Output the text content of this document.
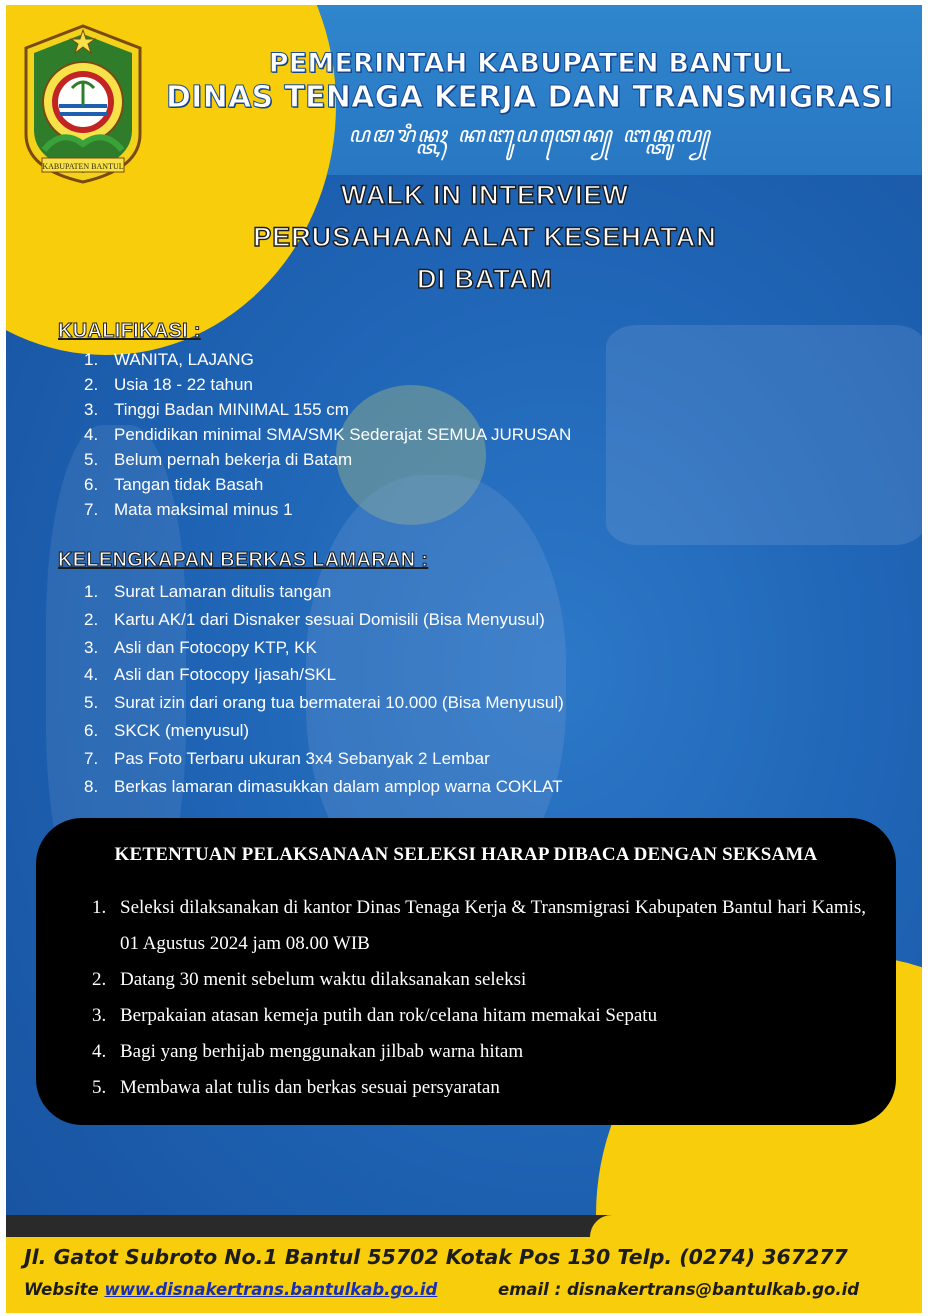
KABUPATEN BANTUL
PEMERINTAH KABUPATEN BANTUL
DINAS TENAGA KERJA DAN TRANSMIGRASI
ꦥꦩꦫꦶꦤ꧀ꦠꦃ ꦏꦧꦸꦥꦠꦺꦤ꧀ ꦧꦤ꧀ꦠꦸꦭ꧀
WALK IN INTERVIEW
PERUSAHAAN ALAT KESEHATAN
DI BATAM
KUALIFIKASI :
1. WANITA, LAJANG
2. Usia 18 - 22 tahun
3. Tinggi Badan MINIMAL 155 cm
4. Pendidikan minimal SMA/SMK Sederajat SEMUA JURUSAN
5. Belum pernah bekerja di Batam
6. Tangan tidak Basah
7. Mata maksimal minus 1
KELENGKAPAN BERKAS LAMARAN :
1. Surat Lamaran ditulis tangan
2. Kartu AK/1 dari Disnaker sesuai Domisili (Bisa Menyusul)
3. Asli dan Fotocopy KTP, KK
4. Asli dan Fotocopy Ijasah/SKL
5. Surat izin dari orang tua bermaterai 10.000 (Bisa Menyusul)
6. SKCK (menyusul)
7. Pas Foto Terbaru ukuran 3x4 Sebanyak 2 Lembar
8. Berkas lamaran dimasukkan dalam amplop warna COKLAT
KETENTUAN PELAKSANAAN SELEKSI HARAP DIBACA DENGAN SEKSAMA
1. Seleksi dilaksanakan di kantor Dinas Tenaga Kerja & Transmigrasi Kabupaten Bantul hari Kamis, 01 Agustus 2024 jam 08.00 WIB
2. Datang 30 menit sebelum waktu dilaksanakan seleksi
3. Berpakaian atasan kemeja putih dan rok/celana hitam memakai Sepatu
4. Bagi yang berhijab menggunakan jilbab warna hitam
5. Membawa alat tulis dan berkas sesuai persyaratan
Jl. Gatot Subroto No.1 Bantul 55702 Kotak Pos 130 Telp. (0274) 367277
Website www.disnakertrans.bantulkab.go.id	email : disnakertrans@bantulkab.go.id
